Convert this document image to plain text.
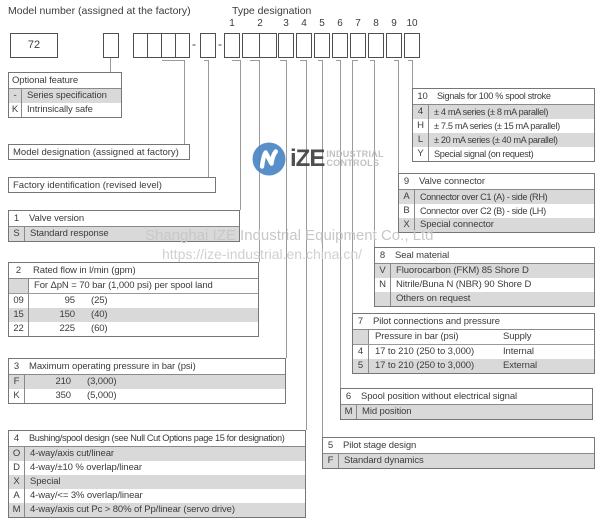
Model number (assigned at the factory)	Type designation
1	2	3	4	5	6	7	8	9 10
72	- -
Optional feature
-	Series specification
K Intrinsically safe
Model designation (assigned at factory)
Factory identification (revised level)
1	Valve version
S	Standard response
2	Rated flow in l/min (gpm)
For ΔpN = 70 bar (1,000 psi) per spool land
09	95	(25)
15	150	(40)
22	225	(60)
3	Maximum operating pressure in bar (psi)
F	210	(3,000)
K	350	(5,000)
4	Bushing/spool design (see Null Cut Options page 15 for designation)
O	4-way/axis cut/linear
D	4-way/±10 % overlap/linear
X	Special
A	4-way/<= 3% overlap/linear
M	4-way/axis cut Pc > 80% of Pp/linear (servo drive)
5	Pilot stage design
F	Standard dynamics
6	Spool position without electrical signal
M	Mid position
7	Pilot connections and pressure
Pressure in bar (psi)	Supply
4	17 to 210 (250 to 3,000)	Internal
5	17 to 210 (250 to 3,000)	External
8	Seal material
V	Fluorocarbon (FKM) 85 Shore D
N	Nitrile/Buna N (NBR) 90 Shore D
Others on request
9	Valve connector
A	Connector over C1 (A) - side (RH)
B	Connector over C2 (B) - side (LH)
X	Special connector
10	Signals for 100 % spool stroke
4	± 4 mA series (± 8 mA parallel)
H	± 7.5 mA series (± 15 mA parallel)
L	± 20 mA series (± 40 mA parallel)
Y	Special signal (on request)
iZE INDUSTRIAL
CONTROLS
Shanghai IZE Industrial Equipment Co., Ltd
https://ize-industrial.en.china.cn/
